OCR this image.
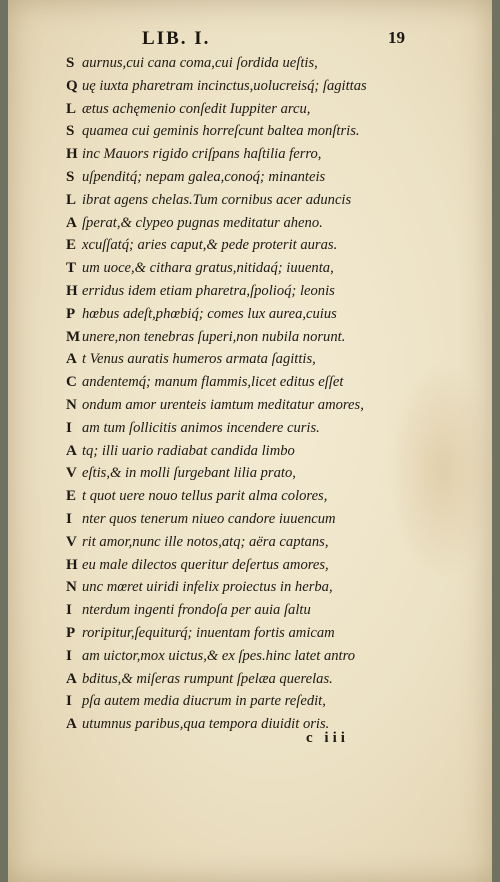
LIB. I.	19
S aurnus,cui cana coma,cui ſordida ueſtis,
Q uę iuxta pharetram incinctus,uolucreisq́; ſagittas
L ætus achęmenio conſedit Iuppiter arcu,
S quamea cui geminis horreſcunt baltea monſtris.
H inc Mauors rigido criſpans haſtilia ferro,
S uſpenditq́; nepam galea,conoq́; minanteis
L ibrat agens chelas.Tum cornibus acer aduncis
A ſperat,& clypeo pugnas meditatur aheno.
E xcuſſatq́; aries caput,& pede proterit auras.
T um uoce,& cithara gratus,nitidaq́; iuuenta,
H erridus idem etiam pharetra,ſpolioq́; leonis
P hœbus adeſt,phœbiq́; comes lux aurea,cuius
M unere,non tenebras ſuperi,non nubila norunt.
A t Venus auratis humeros armata ſagittis,
C andentemq́; manum flammis,licet editus eſſet
N ondum amor urenteis iamtum meditatur amores,
I am tum ſollicitis animos incendere curis.
A tq; illi uario radiabat candida limbo
V eſtis,& in molli ſurgebant lilia prato,
E t quot uere nouo tellus parit alma colores,
I nter quos tenerum niueo candore iuuencum
V rit amor,nunc ille notos,atq; aëra captans,
H eu male dilectos queritur deſertus amores,
N unc mœret uiridi infelix proiectus in herba,
I nterdum ingenti frondoſa per auia ſaltu
P roripitur,ſequiturq́; inuentam fortis amicam
I am uictor,mox uictus,& ex ſpes.hinc latet antro
A bditus,& miſeras rumpunt ſpelæa querelas.
I pſa autem media diucrum in parte reſedit,
A utumnus paribus,qua tempora diuidit oris.
c iii
